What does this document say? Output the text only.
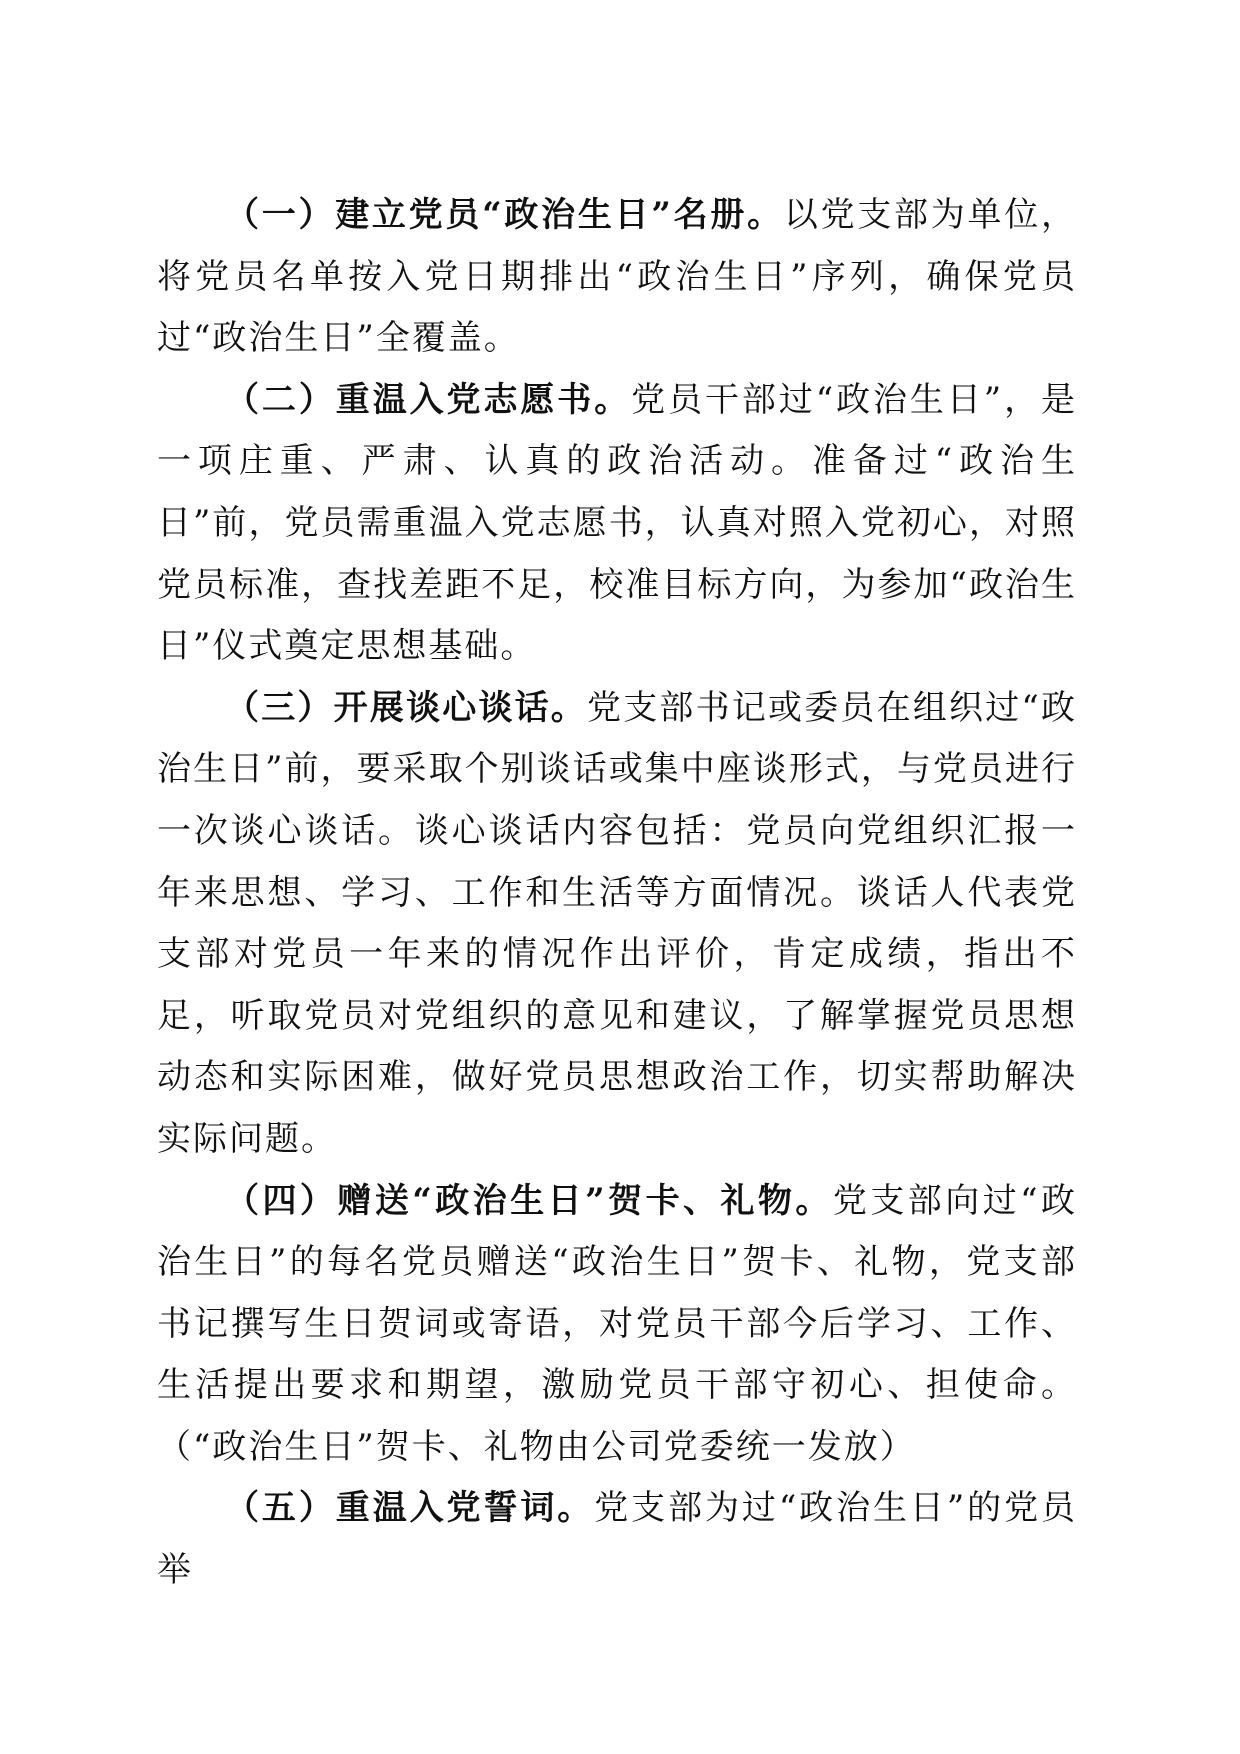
（一）建立党员“政治生日”名册。以党支部为单位，将党员名单按入党日期排出“政治生日”序列，确保党员过“政治生日”全覆盖。

（二）重温入党志愿书。党员干部过“政治生日”，是一项庄重、严肃、认真的政治活动。准备过“政治生日”前，党员需重温入党志愿书，认真对照入党初心，对照党员标准，查找差距不足，校准目标方向，为参加“政治生日”仪式奠定思想基础。

（三）开展谈心谈话。党支部书记或委员在组织过“政治生日”前，要采取个别谈话或集中座谈形式，与党员进行一次谈心谈话。谈心谈话内容包括：党员向党组织汇报一年来思想、学习、工作和生活等方面情况。谈话人代表党支部对党员一年来的情况作出评价，肯定成绩，指出不足，听取党员对党组织的意见和建议，了解掌握党员思想动态和实际困难，做好党员思想政治工作，切实帮助解决实际问题。

（四）赠送“政治生日”贺卡、礼物。党支部向过“政治生日”的每名党员赠送“政治生日”贺卡、礼物，党支部书记撰写生日贺词或寄语，对党员干部今后学习、工作、生活提出要求和期望，激励党员干部守初心、担使命。（“政治生日”贺卡、礼物由公司党委统一发放）

（五）重温入党誓词。党支部为过“政治生日”的党员举
